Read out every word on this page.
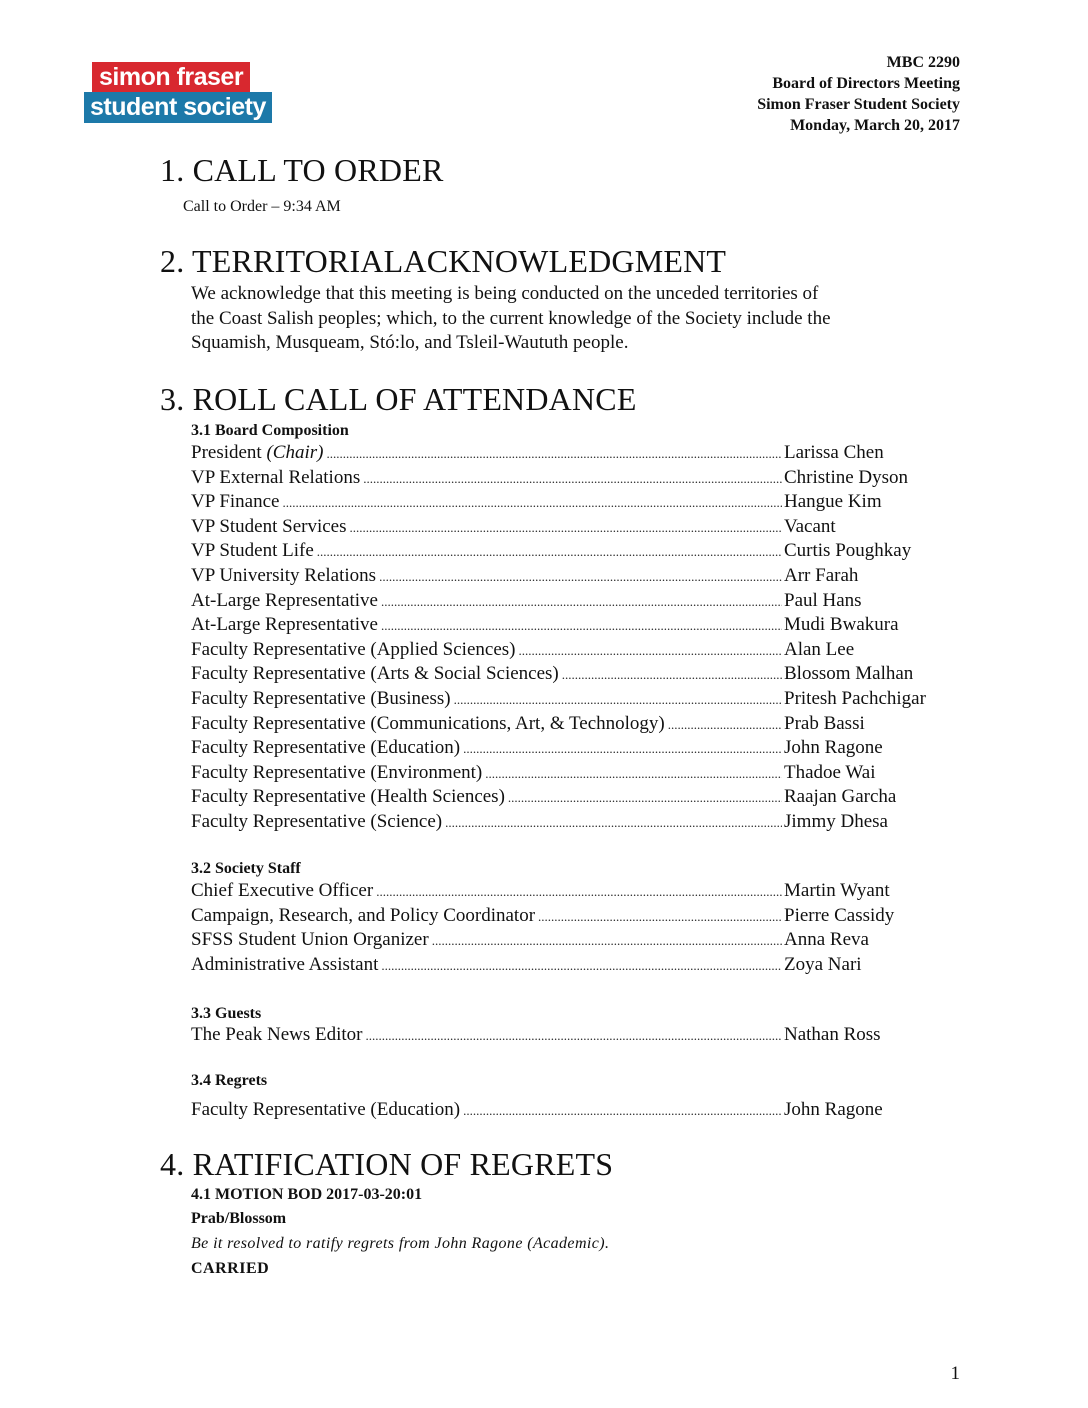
simon fraser
student society
MBC 2290
Board of Directors Meeting
Simon Fraser Student Society
Monday, March 20, 2017
1. CALL TO ORDER
Call to Order – 9:34 AM
2. TERRITORIALACKNOWLEDGMENT
We acknowledge that this meeting is being conducted on the unceded territories of
the Coast Salish peoples; which, to the current knowledge of the Society include the
Squamish, Musqueam, Stó:lo, and Tsleil-Waututh people.
3. ROLL CALL OF ATTENDANCE
3.1 Board Composition
President (Chair) .....	Larissa Chen
VP External Relations .....	Christine Dyson
VP Finance .....	Hangue Kim
VP Student Services .....	Vacant
VP Student Life .....	Curtis Poughkay
VP University Relations .....	Arr Farah
At-Large Representative .....	Paul Hans
At-Large Representative .....	Mudi Bwakura
Faculty Representative (Applied Sciences) .....	Alan Lee
Faculty Representative (Arts & Social Sciences) .....	Blossom Malhan
Faculty Representative (Business) .....	Pritesh Pachchigar
Faculty Representative (Communications, Art, & Technology) .....	Prab Bassi
Faculty Representative (Education) .....	John Ragone
Faculty Representative (Environment) .....	Thadoe Wai
Faculty Representative (Health Sciences) .....	Raajan Garcha
Faculty Representative (Science) .....	Jimmy Dhesa
3.2 Society Staff
Chief Executive Officer .....	Martin Wyant
Campaign, Research, and Policy Coordinator .....	Pierre Cassidy
SFSS Student Union Organizer .....	Anna Reva
Administrative Assistant .....	Zoya Nari
3.3 Guests
The Peak News Editor .....	Nathan Ross
3.4 Regrets
Faculty Representative (Education) .....	John Ragone
4. RATIFICATION OF REGRETS
4.1 MOTION BOD 2017-03-20:01
Prab/Blossom
Be it resolved to ratify regrets from John Ragone (Academic).
CARRIED
1
